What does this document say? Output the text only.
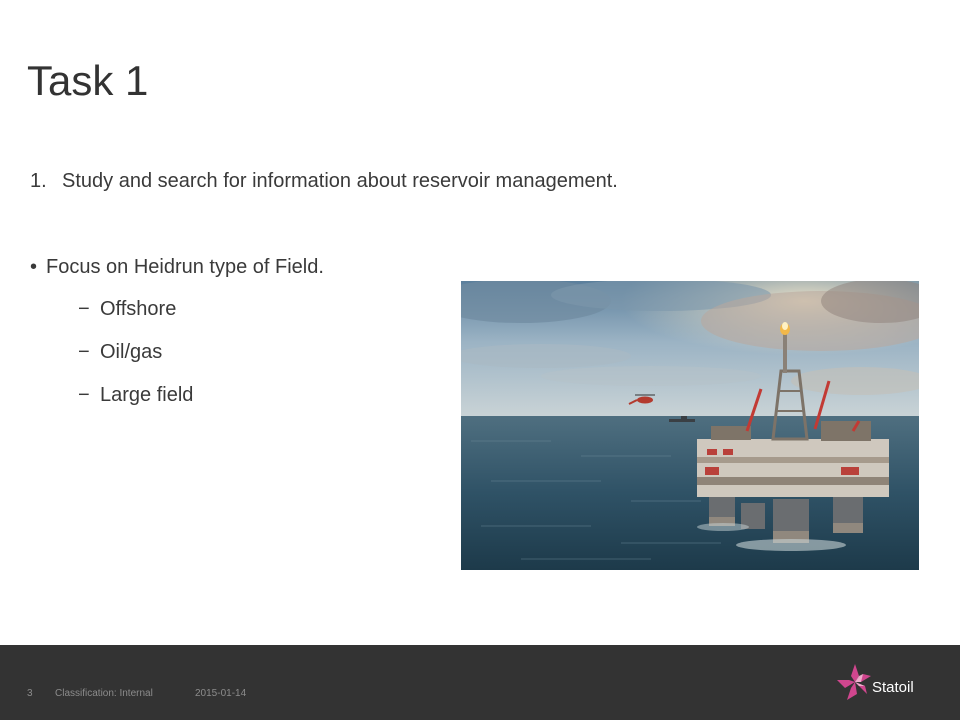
Task 1
1. Study and search for information about reservoir management.
• Focus on Heidrun type of Field.
− Offshore
− Oil/gas
− Large field
3 Classification: Internal	2015-01-14	Statoil
